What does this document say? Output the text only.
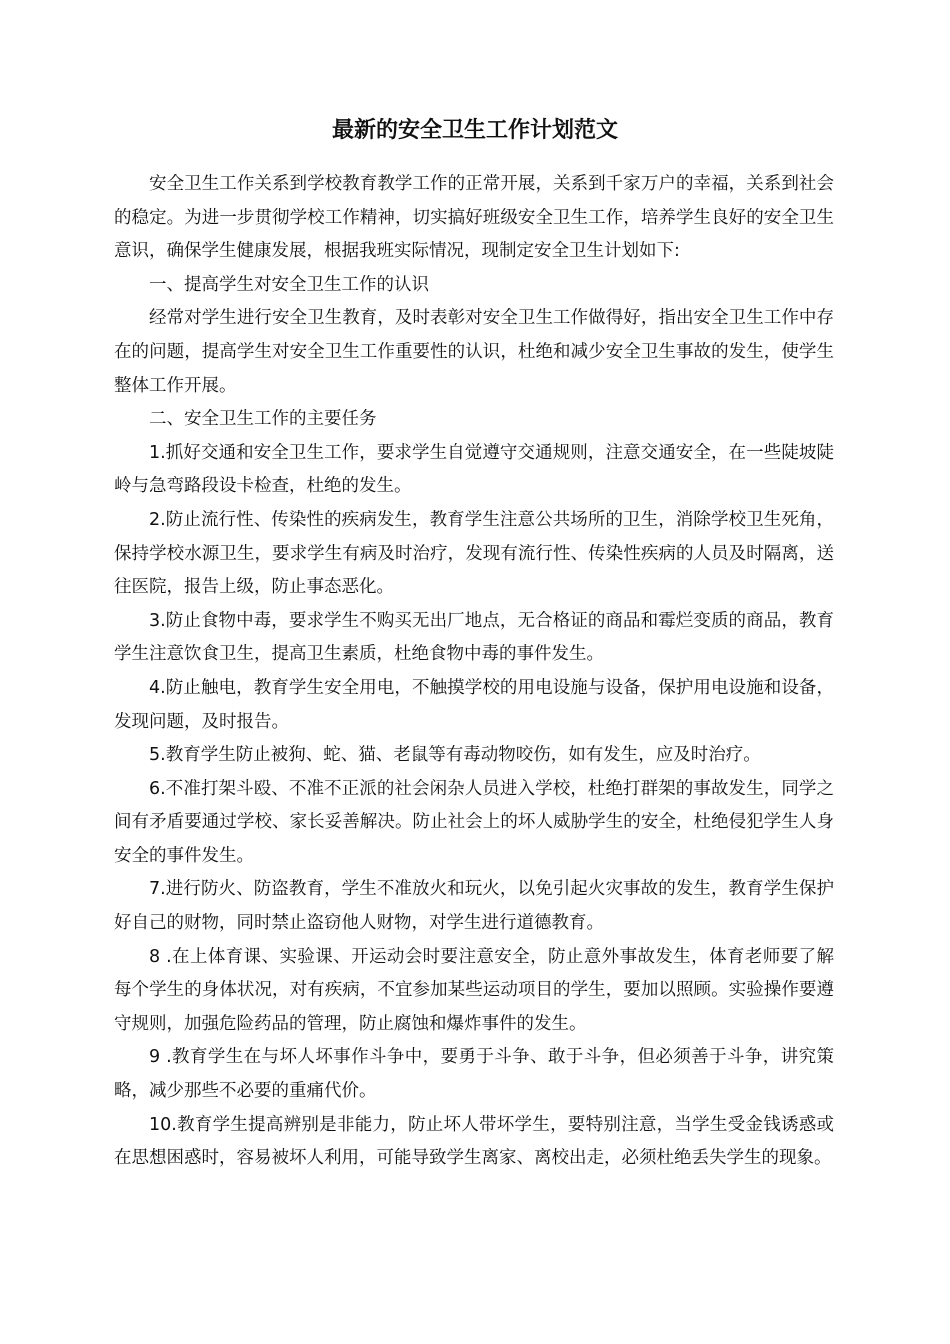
最新的安全卫生工作计划范文

安全卫生工作关系到学校教育教学工作的正常开展，关系到千家万户的幸福，关系到社会的稳定。为进一步贯彻学校工作精神，切实搞好班级安全卫生工作，培养学生良好的安全卫生意识，确保学生健康发展，根据我班实际情况，现制定安全卫生计划如下:

一、提高学生对安全卫生工作的认识

经常对学生进行安全卫生教育，及时表彰对安全卫生工作做得好，指出安全卫生工作中存在的问题，提高学生对安全卫生工作重要性的认识，杜绝和减少安全卫生事故的发生，使学生整体工作开展。

二、安全卫生工作的主要任务

1.抓好交通和安全卫生工作，要求学生自觉遵守交通规则，注意交通安全，在一些陡坡陡岭与急弯路段设卡检查，杜绝的发生。

2.防止流行性、传染性的疾病发生，教育学生注意公共场所的卫生，消除学校卫生死角，保持学校水源卫生，要求学生有病及时治疗，发现有流行性、传染性疾病的人员及时隔离，送往医院，报告上级，防止事态恶化。

3.防止食物中毒，要求学生不购买无出厂地点，无合格证的商品和霉烂变质的商品，教育学生注意饮食卫生，提高卫生素质，杜绝食物中毒的事件发生。

4.防止触电，教育学生安全用电，不触摸学校的用电设施与设备，保护用电设施和设备，发现问题，及时报告。

5.教育学生防止被狗、蛇、猫、老鼠等有毒动物咬伤，如有发生，应及时治疗。

6.不准打架斗殴、不准不正派的社会闲杂人员进入学校，杜绝打群架的事故发生，同学之间有矛盾要通过学校、家长妥善解决。防止社会上的坏人威胁学生的安全，杜绝侵犯学生人身安全的事件发生。

7.进行防火、防盗教育，学生不准放火和玩火，以免引起火灾事故的发生，教育学生保护好自己的财物，同时禁止盗窃他人财物，对学生进行道德教育。

8 .在上体育课、实验课、开运动会时要注意安全，防止意外事故发生，体育老师要了解每个学生的身体状况，对有疾病，不宜参加某些运动项目的学生，要加以照顾。实验操作要遵守规则，加强危险药品的管理，防止腐蚀和爆炸事件的发生。

9 .教育学生在与坏人坏事作斗争中，要勇于斗争、敢于斗争，但必须善于斗争，讲究策略，减少那些不必要的重痛代价。

10.教育学生提高辨别是非能力，防止坏人带坏学生，要特别注意，当学生受金钱诱惑或在思想困惑时，容易被坏人利用，可能导致学生离家、离校出走，必须杜绝丢失学生的现象。
